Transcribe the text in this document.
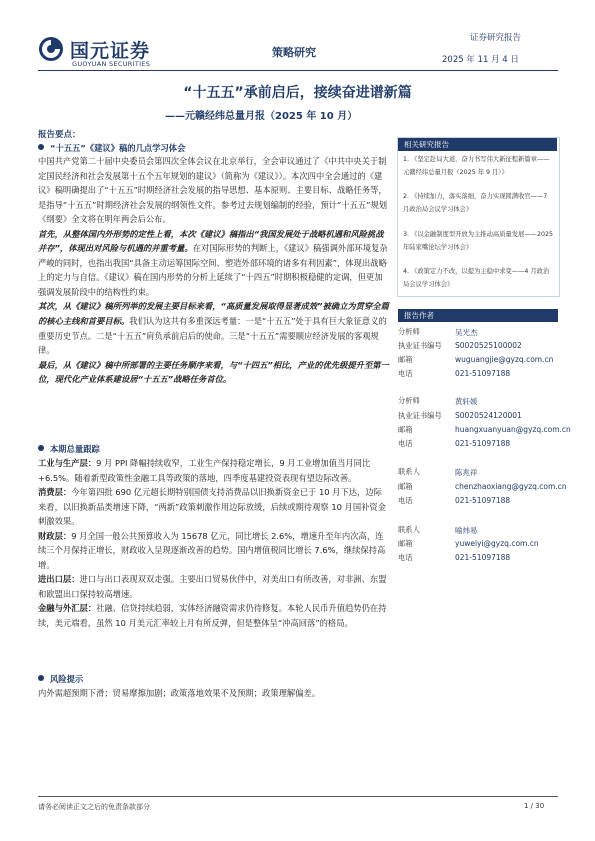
国元证券
GUOYUAN SECURITIES
策略研究
证券研究报告
2025 年 11 月 4 日
“十五五”承前启后，接续奋进谱新篇
——元赣经纬总量月报（2025 年 10 月）
报告要点：
“十五五”《建议》稿的几点学习体会

中国共产党第二十届中央委员会第四次全体会议在北京举行，全会审议通过了《中共中央关于制定国民经济和社会发展第十五个五年规划的建议》（简称为《建议》）。本次四中全会通过的《建议》稿明确提出了“十五五”时期经济社会发展的指导思想、基本原则、主要目标、战略任务等，是指导“十五五”时期经济社会发展的纲领性文件。参考过去规划编制的经验，预计“十五五”规划《纲要》全文将在明年两会后公布。

首先，从整体国内外形势的定性上看，本次《建议》稿指出“我国发展处于战略机遇和风险挑战并存”，体现出对风险与机遇的并重考量。在对国际形势的判断上，《建议》稿强调外部环境复杂严峻的同时，也指出我国“具备主动运筹国际空间、塑造外部环境的诸多有利因素”，体现出战略上的定力与自信。《建议》稿在国内形势的分析上延续了“十四五”时期积极稳健的定调，但更加强调发展阶段中的结构性约束。

其次，从《建议》稿所列举的发展主要目标来看，“高质量发展取得显著成效”被确立为贯穿全篇的核心主线和首要目标。我们认为这共有多重深远考量：一是“十五五”处于具有巨大象征意义的重要历史节点。二是“十五五”肩负承前启后的使命。三是“十五五”需要顺应经济发展的客观规律。

最后，从《建议》稿中所部署的主要任务顺序来看，与“十四五”相比，产业的优先级提升至第一位，现代化产业体系建设居“十五五”战略任务首位。

本期总量跟踪

工业与生产层：9 月 PPI 降幅持续收窄，工业生产保持稳定增长，9 月工业增加值当月同比+6.5%。随着新型政策性金融工具等政策的落地，四季度基建投资表现有望边际改善。

消费层：今年第四批 690 亿元超长期特别国债支持消费品以旧换新资金已于 10 月下达，边际来看，以旧换新品类增速下降，“两新”政策刺激作用边际放缓，后续或期待观察 10 月国补资金刺激效果。

财政层：9 月全国一般公共预算收入为 15678 亿元，同比增长 2.6%，增速升至年内次高，连续三个月保持正增长，财政收入呈现逐渐改善的趋势。国内增值税同比增长 7.6%，继续保持高增。

进出口层：进口与出口表现双双走强。主要出口贸易伙伴中，对美出口有所改善，对非洲、东盟和欧盟出口保持较高增速。

金融与外汇层：社融、信贷持续趋弱，实体经济融资需求仍待修复。本轮人民币升值趋势仍在持续，美元端看，虽然 10 月美元汇率较上月有所反弹，但是整体呈“冲高回落”的格局。

风险提示
内外需超预期下滑；贸易摩擦加剧；政策落地效果不及预期；政策理解偏差。
相关研究报告
1. 《坚定赴局大道，奋力书写伟大新征程新篇章——元赣经纬总量月报（2025 年 9 月）》
2. 《持续加力，落实落细，奋力实现圆满收官——7 月政治局会议学习体会》
3. 《以金融制度型开放为主推动高质量发展——2025 年陆家嘴论坛学习体会》
4. 《政策定力不改，以提为主稳中求变——4 月政治局会议学习体会》
报告作者
分析师	吴光杰
执业证书编号 S0020525100002
邮箱	wuguangjie@gyzq.com.cn
电话	021-51097188
分析师	黄轩媛
执业证书编号 S0020524120001
邮箱	huangxuanyuan@gyzq.com.cn
电话	021-51097188
联系人	陈兆祥
邮箱	chenzhaoxiang@gyzq.com.cn
电话	021-51097188
联系人	喻炜易
邮箱	yuweiyi@gyzq.com.cn
电话	021-51097188
请务必阅读正文之后的免责条款部分	1 / 30
